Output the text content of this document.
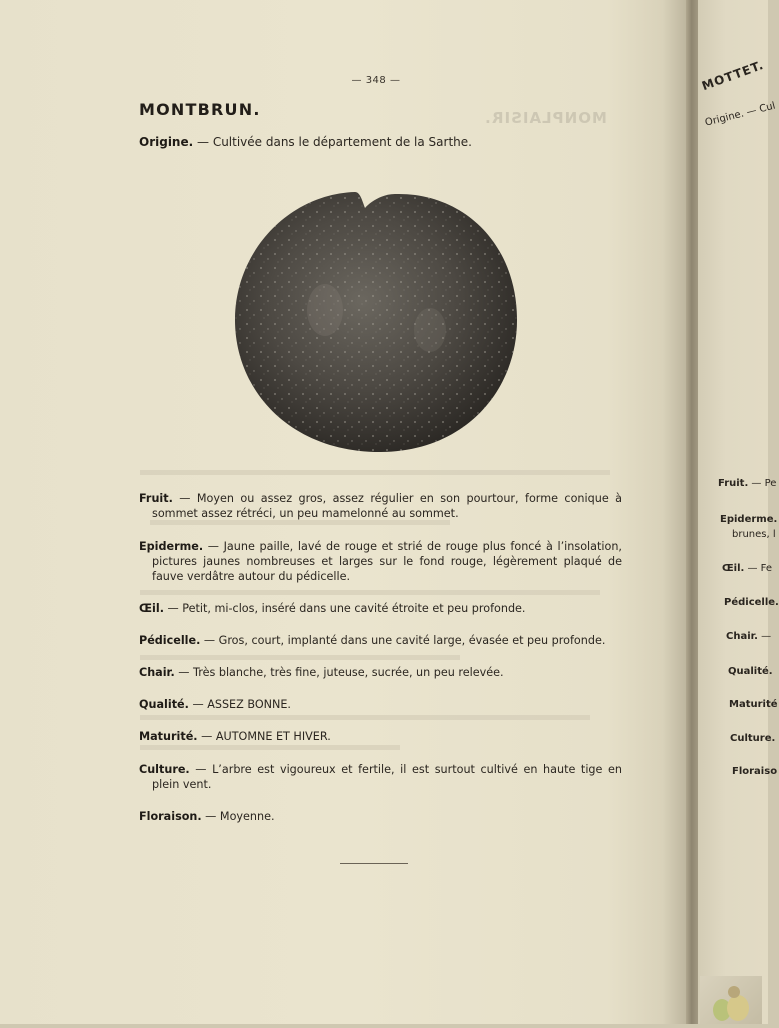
— 348 —
MONPLAISIR.
MONTBRUN.
Origine. — Cultivée dans le département de la Sarthe.
Fruit. — Moyen ou assez gros, assez régulier en son pourtour, forme conique à sommet assez rétréci, un peu mamelonné au sommet.
Epiderme. — Jaune paille, lavé de rouge et strié de rouge plus foncé à l’insolation, pictures jaunes nombreuses et larges sur le fond rouge, légèrement plaqué de fauve verdâtre autour du pédicelle.
Œil. — Petit, mi-clos, inséré dans une cavité étroite et peu profonde.
Pédicelle. — Gros, court, implanté dans une cavité large, évasée et peu profonde.
Chair. — Très blanche, très fine, juteuse, sucrée, un peu relevée.
Qualité. — ASSEZ BONNE.
Maturité. — AUTOMNE ET HIVER.
Culture. — L’arbre est vigoureux et fertile, il est surtout cultivé en haute tige en plein vent.
Floraison. — Moyenne.
MOTTET.
Origine. — Cul
Fruit. — Pe
Epiderme.
brunes, l
Œil. — Fe
Pédicelle.
Chair. —
Qualité.
Maturité
Culture.
Floraiso
